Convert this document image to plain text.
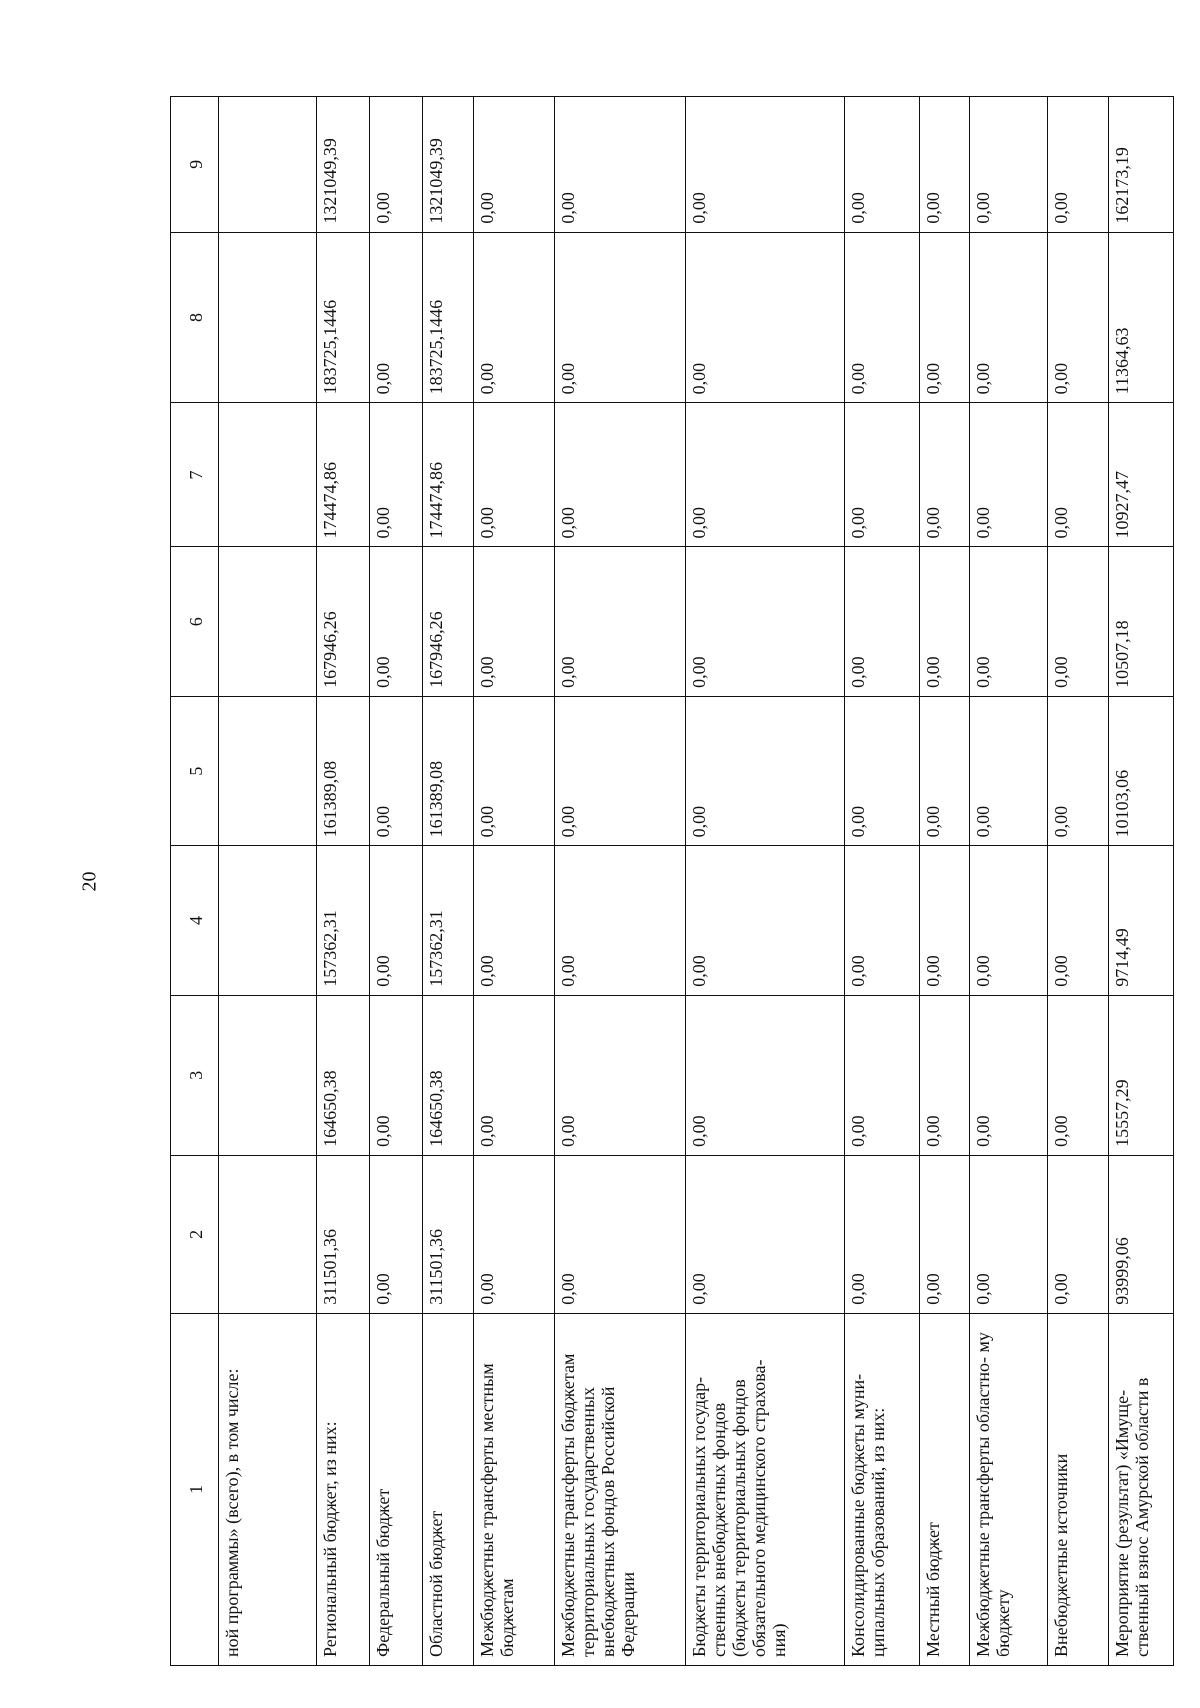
20
1	2	3	4	5	6	7	8	9
ной программы» (всего), в том числе:								
Региональный бюджет, из них:	311501,36	164650,38	157362,31	161389,08	167946,26	174474,86	183725,1446	1321049,39
Федеральный бюджет	0,00	0,00	0,00	0,00	0,00	0,00	0,00	0,00
Областной бюджет	311501,36	164650,38	157362,31	161389,08	167946,26	174474,86	183725,1446	1321049,39
Межбюджетные трансферты местным бюджетам	0,00	0,00	0,00	0,00	0,00	0,00	0,00	0,00
Межбюджетные трансферты бюджетам территориальных государственных внебюджетных фондов Российской Федерации	0,00	0,00	0,00	0,00	0,00	0,00	0,00	0,00
Бюджеты территориальных государ- ственных внебюджетных фондов (бюджеты территориальных фондов обязательного медицинского страхова- ния)	0,00	0,00	0,00	0,00	0,00	0,00	0,00	0,00
Консолидированные бюджеты муни- ципальных образований, из них:	0,00	0,00	0,00	0,00	0,00	0,00	0,00	0,00
Местный бюджет	0,00	0,00	0,00	0,00	0,00	0,00	0,00	0,00
Межбюджетные трансферты областно- му бюджету	0,00	0,00	0,00	0,00	0,00	0,00	0,00	0,00
Внебюджетные источники	0,00	0,00	0,00	0,00	0,00	0,00	0,00	0,00
Мероприятие (результат) «Имуще- ственный взнос Амурской области в	93999,06	15557,29	9714,49	10103,06	10507,18	10927,47	11364,63	162173,19
